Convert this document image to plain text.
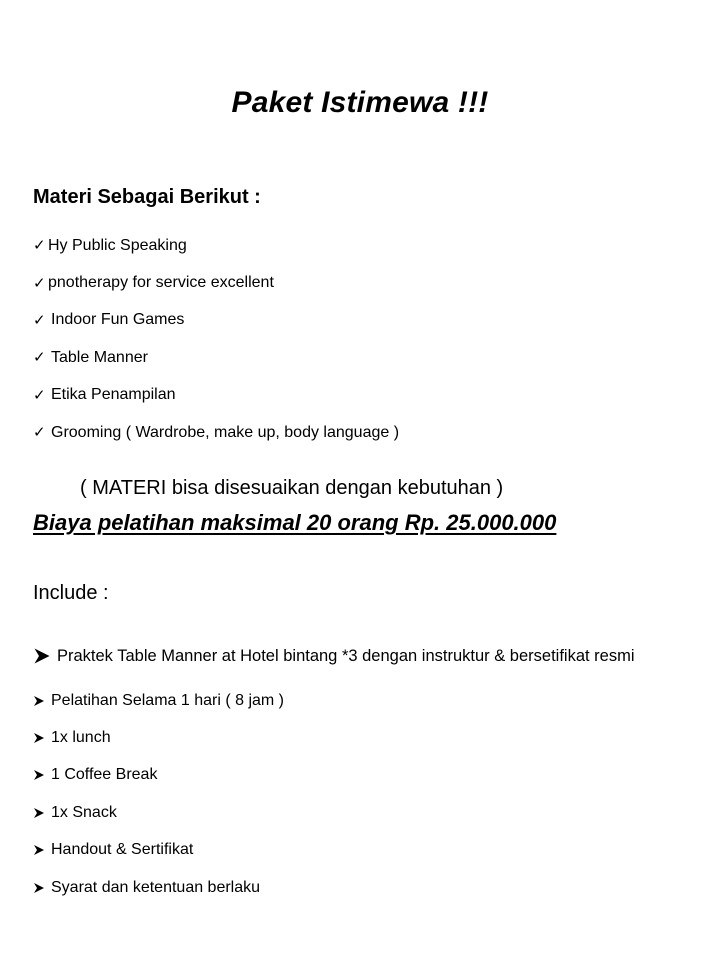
Paket Istimewa !!!
Materi Sebagai Berikut :
✓ Hy Public Speaking
✓ pnotherapy for service excellent
✓ Indoor Fun Games
✓ Table Manner
✓ Etika Penampilan
✓ Grooming ( Wardrobe, make up, body language )
( MATERI bisa disesuaikan dengan kebutuhan )
Biaya pelatihan maksimal 20 orang Rp. 25.000.000
Include :
Praktek Table Manner at Hotel bintang *3 dengan instruktur & bersetifikat resmi
Pelatihan Selama 1 hari ( 8 jam )
1x lunch
1 Coffee Break
1x Snack
Handout & Sertifikat
Syarat dan ketentuan berlaku
